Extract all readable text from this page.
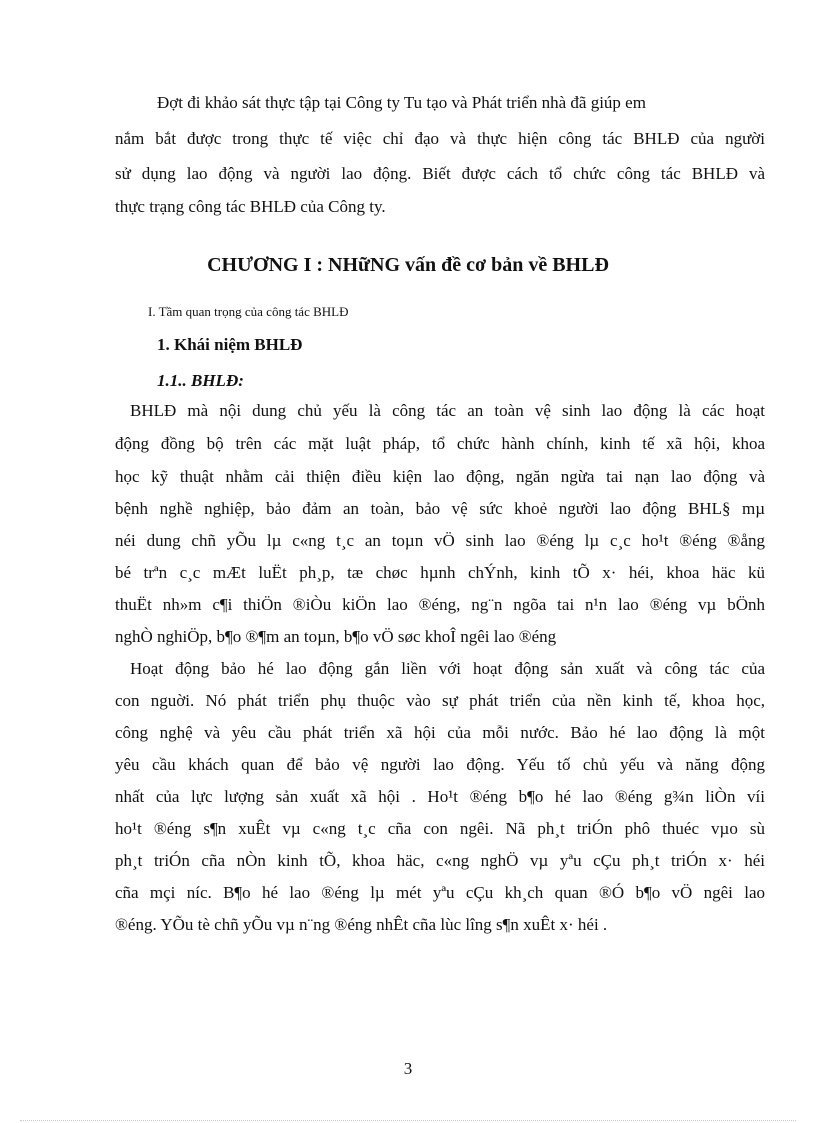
Đợt đi khảo sát thực tập tại Công ty Tu tạo và Phát triển nhà đã giúp em
nắm bắt được trong thực tế việc chỉ đạo và thực hiện công tác BHLĐ của người
sử dụng lao động và người lao động. Biết được cách tổ chức công tác BHLĐ và
thực trạng công tác BHLĐ của Công ty.
CHƯƠNG I : NHữNG vấn đề cơ bản về BHLĐ
I. Tầm quan trọng của công tác BHLĐ
1. Khái niệm BHLĐ
1.1.. BHLĐ:
BHLĐ mà nội dung chủ yếu là công tác an toàn vệ sinh lao động là các hoạt
động đồng bộ trên các mặt luật pháp, tổ chức hành chính, kinh tế xã hội, khoa
học kỹ thuật nhằm cải thiện điều kiện lao động, ngăn ngừa tai nạn lao động và
bệnh nghề nghiệp, bảo đảm an toàn, bảo vệ sức khoẻ người lao động BHL§ mµ
néi dung chñ yÕu lµ c«ng t¸c an toµn vÖ sinh lao ®éng lµ c¸c ho¹t ®éng ®ång
bé trªn c¸c mÆt luËt ph¸p, tæ chøc hµnh chÝnh, kinh tÕ x· héi, khoa häc kü
thuËt nh»m c¶i thiÖn ®iÒu kiÖn lao ®éng, ng¨n ngõa tai n¹n lao ®éng vµ bÖnh
nghÒ nghiÖp, b¶o ®¶m an toµn, b¶o vÖ søc khoÎ ngêi lao ®éng
Hoạt động bảo hé lao động gắn liền với hoạt động sản xuất và công tác của
con nguời. Nó phát triển phụ thuộc vào sự phát triển của nền kinh tế, khoa học,
công nghệ và yêu cầu phát triển xã hội của mỗi nước. Bảo hé lao động là một
yêu cầu khách quan để bảo vệ người lao động. Yếu tố chủ yếu và năng động
nhất của lực lượng sản xuất xã hội . Ho¹t ®éng b¶o hé lao ®éng g¾n liÒn víi
ho¹t ®éng s¶n xuÊt vµ c«ng t¸c cña con ngêi. Nã ph¸t triÓn phô thuéc vµo sù
ph¸t triÓn cña nÒn kinh tÕ, khoa häc, c«ng nghÖ vµ yªu cÇu ph¸t triÓn x· héi
cña mçi níc. B¶o hé lao ®éng lµ mét yªu cÇu kh¸ch quan ®Ó b¶o vÖ ngêi lao
®éng. YÕu tè chñ yÕu vµ n¨ng ®éng nhÊt cña lùc lîng s¶n xuÊt x· héi .
3
